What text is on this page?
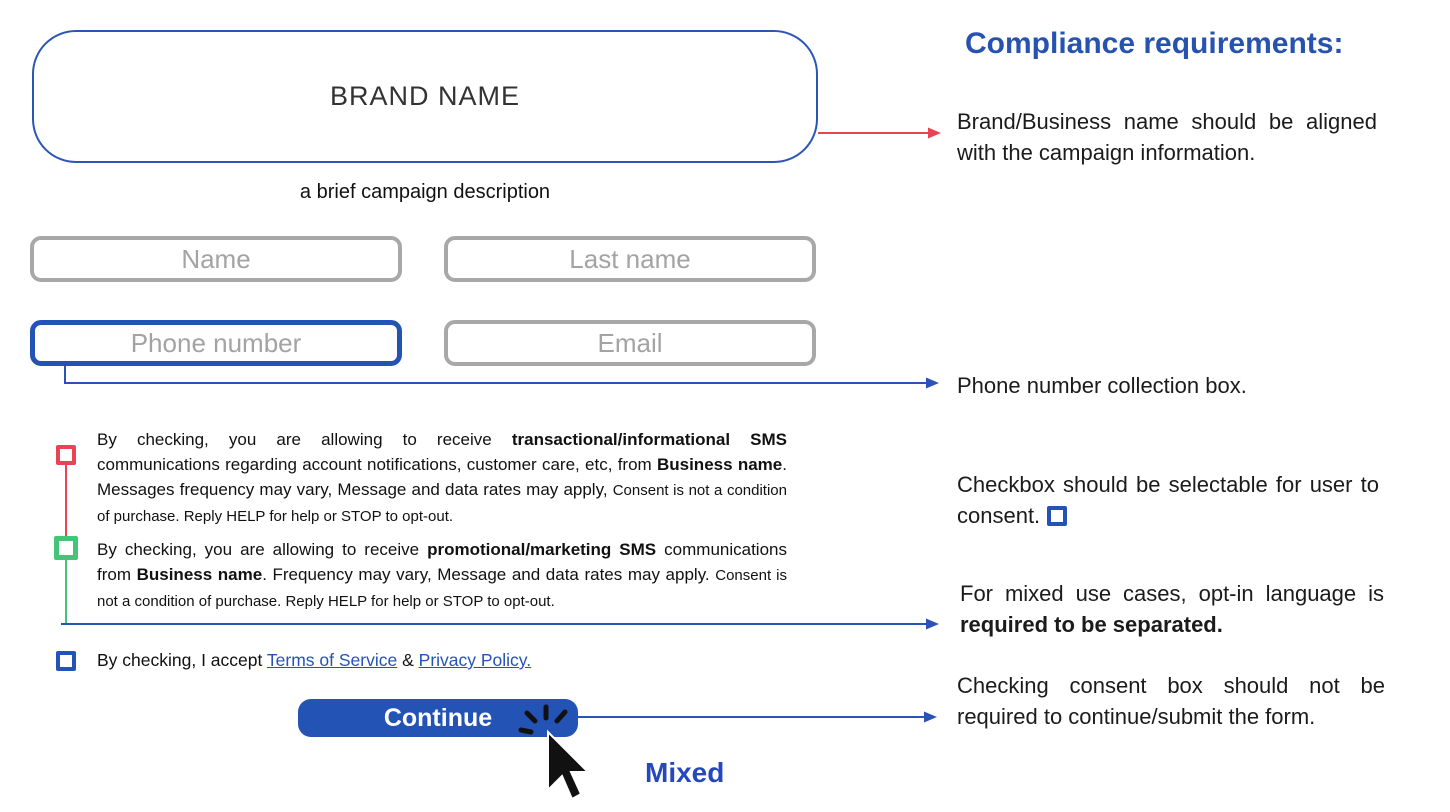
BRAND NAME
a brief campaign description
Name
Last name
Phone number
Email
By checking, you are allowing to receive transactional/informational SMS communications regarding account notifications, customer care, etc, from Business name. Messages frequency may vary, Message and data rates may apply, Consent is not a condition of purchase. Reply HELP for help or STOP to opt-out.
By checking, you are allowing to receive promotional/marketing SMS communications from Business name. Frequency may vary, Message and data rates may apply. Consent is not a condition of purchase. Reply HELP for help or STOP to opt-out.
By checking, I accept Terms of Service & Privacy Policy.
Continue
Mixed
Compliance requirements:
Brand/Business name should be aligned with the campaign information.
Phone number collection box.
Checkbox should be selectable for user to consent.
For mixed use cases, opt-in language is required to be separated.
Checking consent box should not be required to continue/submit the form.
